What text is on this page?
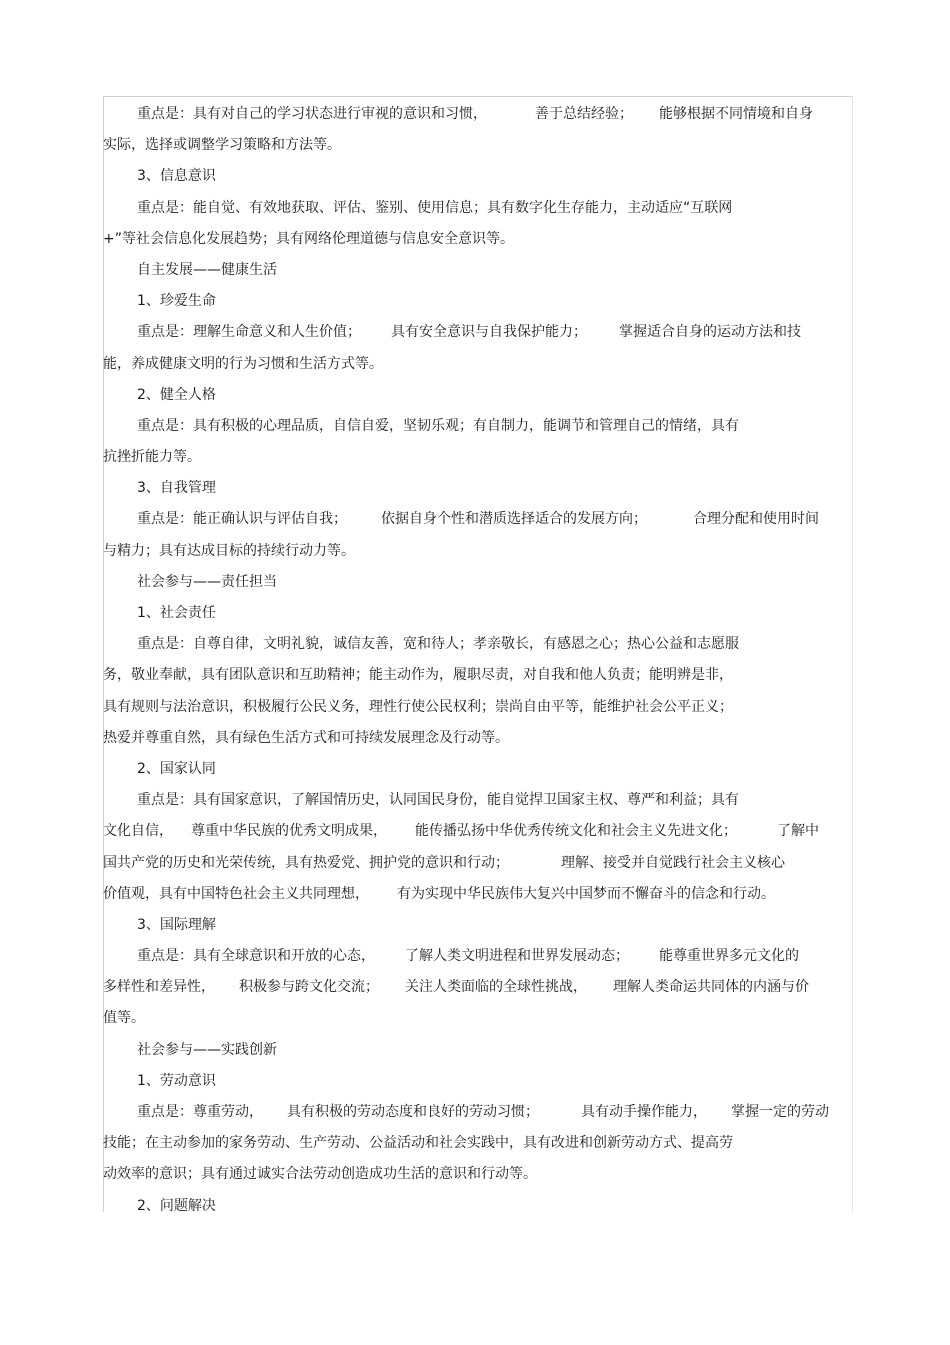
重点是：具有对自己的学习状态进行审视的意识和习惯，	善于总结经验； 能够根据不同情境和自身
实际，选择或调整学习策略和方法等。
3、信息意识
重点是：能自觉、有效地获取、评估、鉴别、使用信息；具有数字化生存能力，主动适应“互联网
+”等社会信息化发展趋势；具有网络伦理道德与信息安全意识等。
自主发展——健康生活
1、珍爱生命
重点是：理解生命意义和人生价值； 具有安全意识与自我保护能力； 掌握适合自身的运动方法和技
能，养成健康文明的行为习惯和生活方式等。
2、健全人格
重点是：具有积极的心理品质，自信自爱，坚韧乐观；有自制力，能调节和管理自己的情绪，具有
抗挫折能力等。
3、自我管理
重点是：能正确认识与评估自我； 依据自身个性和潜质选择适合的发展方向；	合理分配和使用时间
与精力；具有达成目标的持续行动力等。
社会参与——责任担当
1、社会责任
重点是：自尊自律，文明礼貌，诚信友善，宽和待人；孝亲敬长，有感恩之心；热心公益和志愿服
务，敬业奉献，具有团队意识和互助精神；能主动作为，履职尽责，对自我和他人负责；能明辨是非，
具有规则与法治意识，积极履行公民义务，理性行使公民权利；崇尚自由平等，能维护社会公平正义；
热爱并尊重自然，具有绿色生活方式和可持续发展理念及行动等。
2、国家认同
重点是：具有国家意识，了解国情历史，认同国民身份，能自觉捍卫国家主权、尊严和利益；具有
文化自信， 尊重中华民族的优秀文明成果， 能传播弘扬中华优秀传统文化和社会主义先进文化；	了解中
国共产党的历史和光荣传统，具有热爱党、拥护党的意识和行动；	理解、接受并自觉践行社会主义核心
价值观，具有中国特色社会主义共同理想， 有为实现中华民族伟大复兴中国梦而不懈奋斗的信念和行动。
3、国际理解
重点是：具有全球意识和开放的心态， 了解人类文明进程和世界发展动态； 能尊重世界多元文化的
多样性和差异性， 积极参与跨文化交流； 关注人类面临的全球性挑战， 理解人类命运共同体的内涵与价
值等。
社会参与——实践创新
1、劳动意识
重点是：尊重劳动， 具有积极的劳动态度和良好的劳动习惯；	具有动手操作能力， 掌握一定的劳动
技能；在主动参加的家务劳动、生产劳动、公益活动和社会实践中，具有改进和创新劳动方式、提高劳
动效率的意识；具有通过诚实合法劳动创造成功生活的意识和行动等。
2、问题解决
